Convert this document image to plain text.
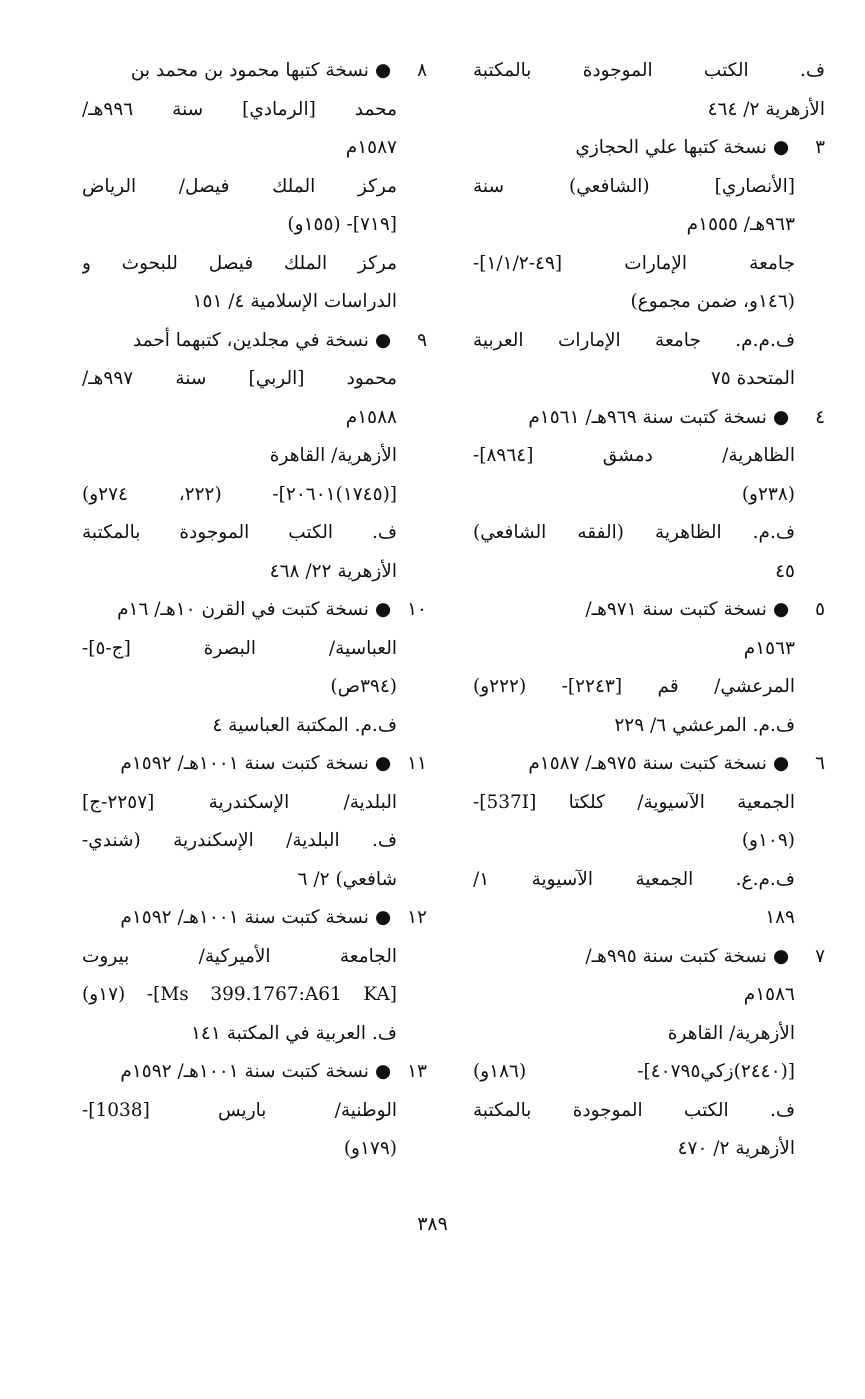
ف. الكتب الموجودة بالمكتبة
الأزهرية ٢/ ٤٦٤
٣ ●نسخة كتبها علي الحجازي
[الأنصاري] (الشافعي) سنة
٩٦٣هـ/ ١٥٥٥م
جامعة الإمارات [٤٩-١/١/٢]-
(١٤٦و، ضمن مجموع)
ف.م.م. جامعة الإمارات العربية
المتحدة ٧٥
٤ ●نسخة كتبت سنة ٩٦٩هـ/ ١٥٦١م
الظاهرية/ دمشق [٨٩٦٤]-
(٢٣٨و)
ف.م. الظاهرية (الفقه الشافعي)
٤٥
٥ ●نسخة كتبت سنة ٩٧١هـ/
١٥٦٣م
المرعشي/ قم [٢٢٤٣]- (٢٢٢و)
ف.م. المرعشي ٦/ ٢٢٩
٦ ●نسخة كتبت سنة ٩٧٥هـ/ ١٥٨٧م
الجمعية الآسيوية/ كلكتا [537I]-
(١٠٩و)
ف.م.ع. الجمعية الآسيوية ١/
١٨٩
٧ ●نسخة كتبت سنة ٩٩٥هـ/
١٥٨٦م
الأزهرية/ القاهرة
[(٢٤٤٠)زكي٤٠٧٩٥]- (١٨٦و)
ف. الكتب الموجودة بالمكتبة
الأزهرية ٢/ ٤٧٠
٨ ●نسخة كتبها محمود بن محمد بن
محمد [الرمادي] سنة ٩٩٦هـ/
١٥٨٧م
مركز الملك فيصل/ الرياض
[٧١٩]- (١٥٥و)
مركز الملك فيصل للبحوث و
الدراسات الإسلامية ٤/ ١٥١
٩ ●نسخة في مجلدين، كتبهما أحمد
محمود [الربي] سنة ٩٩٧هـ/
١٥٨٨م
الأزهرية/ القاهرة
[(١٧٤٥)٢٠٦٠١]- (٢٢٢، ٢٧٤و)
ف. الكتب الموجودة بالمكتبة
الأزهرية ٢٢/ ٤٦٨
١٠ ●نسخة كتبت في القرن ١٠هـ/ ١٦م
العباسية/ البصرة [ج-٥]-
(٣٩٤ص)
ف.م. المكتبة العباسية ٤
١١ ●نسخة كتبت سنة ١٠٠١هـ/ ١٥٩٢م
البلدية/ الإسكندرية [٢٢٥٧-ج]
ف. البلدية/ الإسكندرية (شندي-
شافعي) ٢/ ٦
١٢ ●نسخة كتبت سنة ١٠٠١هـ/ ١٥٩٢م
الجامعة الأميركية/ بيروت
[Ms 399.1767:A61 KA]- (١٧و)
ف. العربية في المكتبة ١٤١
١٣ ●نسخة كتبت سنة ١٠٠١هـ/ ١٥٩٢م
الوطنية/ باريس [1038]-
(١٧٩و)
٣٨٩
